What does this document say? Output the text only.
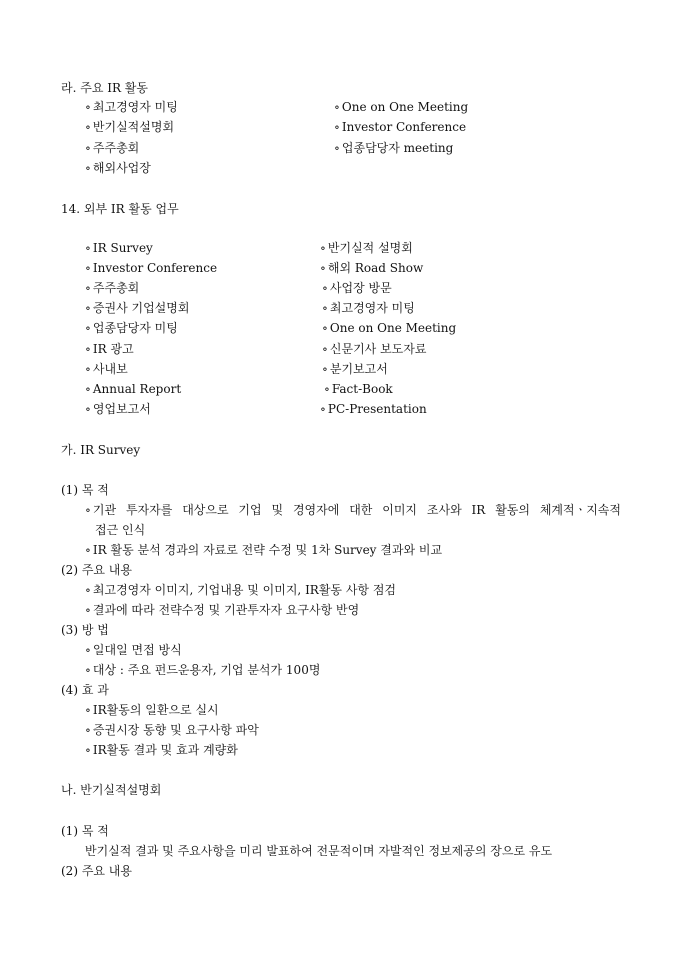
라. 주요 IR 활동
∘ 최고경영자 미팅
∘ 반기실적설명회
∘ 주주총회
∘ 해외사업장
∘ One on One Meeting
∘ Investor Conference
∘ 업종담당자 meeting
14. 외부 IR 활동 업무
∘ IR Survey
∘ Investor Conference
∘ 주주총회
∘ 증권사 기업설명회
∘ 업종담당자 미팅
∘ IR 광고
∘ 사내보
∘ Annual Report
∘ 영업보고서
∘ 반기실적 설명회
∘ 해외 Road Show
∘ 사업장 방문
∘ 최고경영자 미팅
∘ One on One Meeting
∘ 신문기사 보도자료
∘ 분기보고서
∘ Fact-Book
∘ PC-Presentation
가. IR Survey
(1) 목 적
∘ 기관 투자자를 대상으로 기업 및 경영자에 대한 이미지 조사와 IR 활동의 체계적ㆍ지속적
접근 인식
∘ IR 활동 분석 경과의 자료로 전략 수정 및 1차 Survey 결과와 비교
(2) 주요 내용
∘ 최고경영자 이미지, 기업내용 및 이미지, IR활동 사항 점검
∘ 결과에 따라 전략수정 및 기관투자자 요구사항 반영
(3) 방 법
∘ 일대일 면접 방식
∘ 대상 : 주요 펀드운용자, 기업 분석가 100명
(4) 효 과
∘ IR활동의 일환으로 실시
∘ 증권시장 동향 및 요구사항 파악
∘ IR활동 결과 및 효과 계량화
나. 반기실적설명회
(1) 목 적
반기실적 결과 및 주요사항을 미리 발표하여 전문적이며 자발적인 정보제공의 장으로 유도
(2) 주요 내용
